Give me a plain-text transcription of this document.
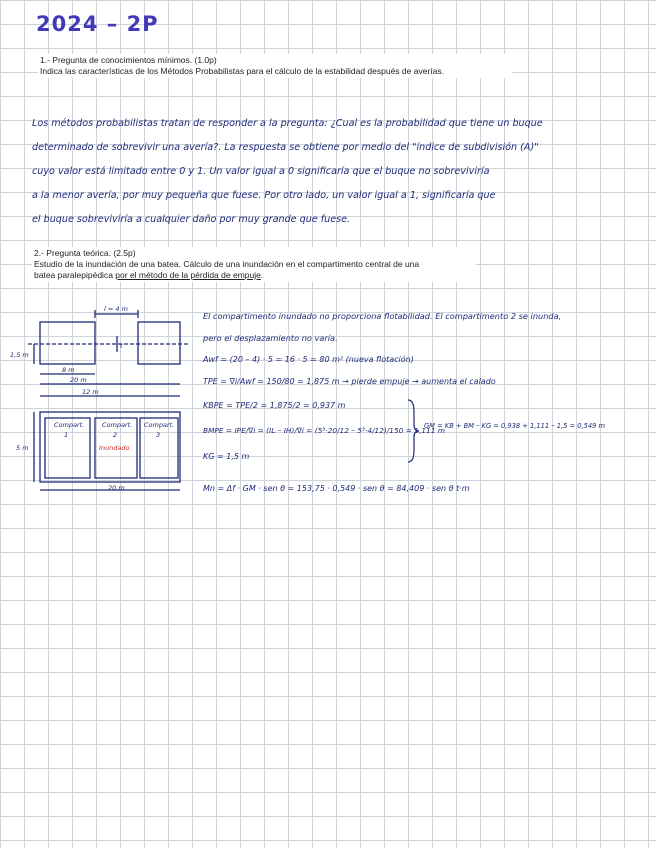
2024 – 2P
1.- Pregunta de conocimientos mínimos. (1.0p)
Indica las características de los Métodos Probabilistas para el cálculo de la estabilidad después de averías.
Los métodos probabilistas tratan de responder a la pregunta: ¿Cual es la probabilidad que tiene un buque
determinado de sobrevivir una avería?. La respuesta se obtiene por medio del "índice de subdivisión (A)"
cuyo valor está limitado entre 0 y 1. Un valor igual a 0 significaría que el buque no sobreviviría
a la menor avería, por muy pequeña que fuese. Por otro lado, un valor igual a 1, significaría que
el buque sobreviviría a cualquier daño por muy grande que fuese.
2.- Pregunta teórica. (2.5p)
Estudio de la inundación de una batea. Cálculo de una inundación en el compartimento central de una
batea paralepipédica por el método de la pérdida de empuje.
l = 4 m
t
1,5 m
8 m
20 m
12 m
5 m
Compart.
1
Compart.
2
Compart.
3
20 m
Inundado
El compartimento inundado no proporciona flotabilidad. El compartimento 2 se inunda,
pero el desplazamiento no varía.
Awf = (20 – 4) · 5 = 16 · 5 = 80 m² (nueva flotación)
TPE = ∇i/Awf = 150/80 = 1,875 m → pierde empuje → aumenta el calado
KBPE = TPE/2 = 1,875/2 = 0,937 m
BMPE = IPE/∇i = (IL – IH)/∇i = (5³·20/12 – 5³·4/12)/150 = 1,111 m
KG = 1,5 m
GM = KB + BM – KG = 0,938 + 1,111 – 1,5 = 0,549 m
Mn = Δf · GM · sen θ = 153,75 · 0,549 · sen θ = 84,409 · sen θ t·m
